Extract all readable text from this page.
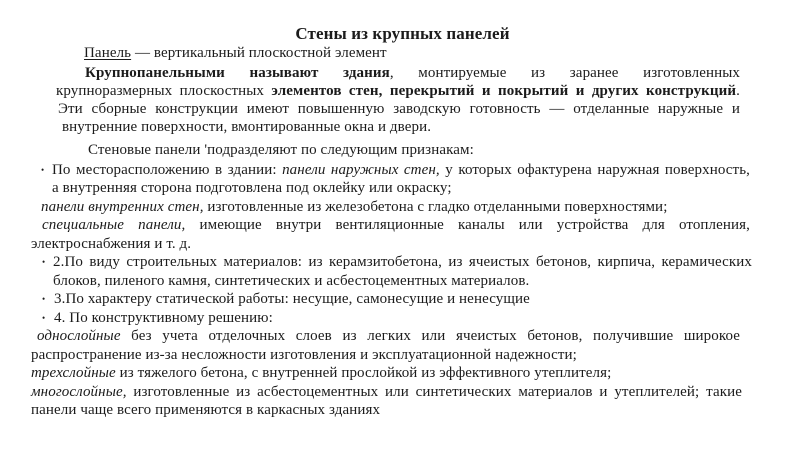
Стены из крупных панелей
Панель — вертикальный плоскостной элемент
Крупнопанельными называют здания, монтируемые из заранее изготовленных
крупноразмерных плоскостных элементов стен, перекрытий и покрытий и других конструкций.
Эти сборные конструкции имеют повышенную заводскую готовность — отделанные наружные и
внутренние поверхности, вмонтированные окна и двери.
Стеновые панели 'подразделяют по следующим признакам:
• По месторасположению в здании: панели наружных стен, у которых офактурена наружная поверхность,
а внутренняя сторона подготовлена под оклейку или окраску;
панели внутренних стен, изготовленные из железобетона с гладко отделанными поверхностями;
специальные панели, имеющие внутри вентиляционные каналы или устройства для отопления,
электроснабжения и т. д.
• 2.По виду строительных материалов: из керамзитобетона, из ячеистых бетонов, кирпича, керамических
блоков, пиленого камня, синтетических и асбестоцементных материалов.
• 3.По характеру статической работы: несущие, самонесущие и ненесущие
• 4. По конструктивному решению:
однослойные без учета отделочных слоев из легких или ячеистых бетонов, получившие широкое
распространение из-за несложности изготовления и эксплуатационной надежности;
трехслойные из тяжелого бетона, с внутренней прослойкой из эффективного утеплителя;
многослойные, изготовленные из асбестоцементных или синтетических материалов и утеплителей; такие
панели чаще всего применяются в каркасных зданиях
